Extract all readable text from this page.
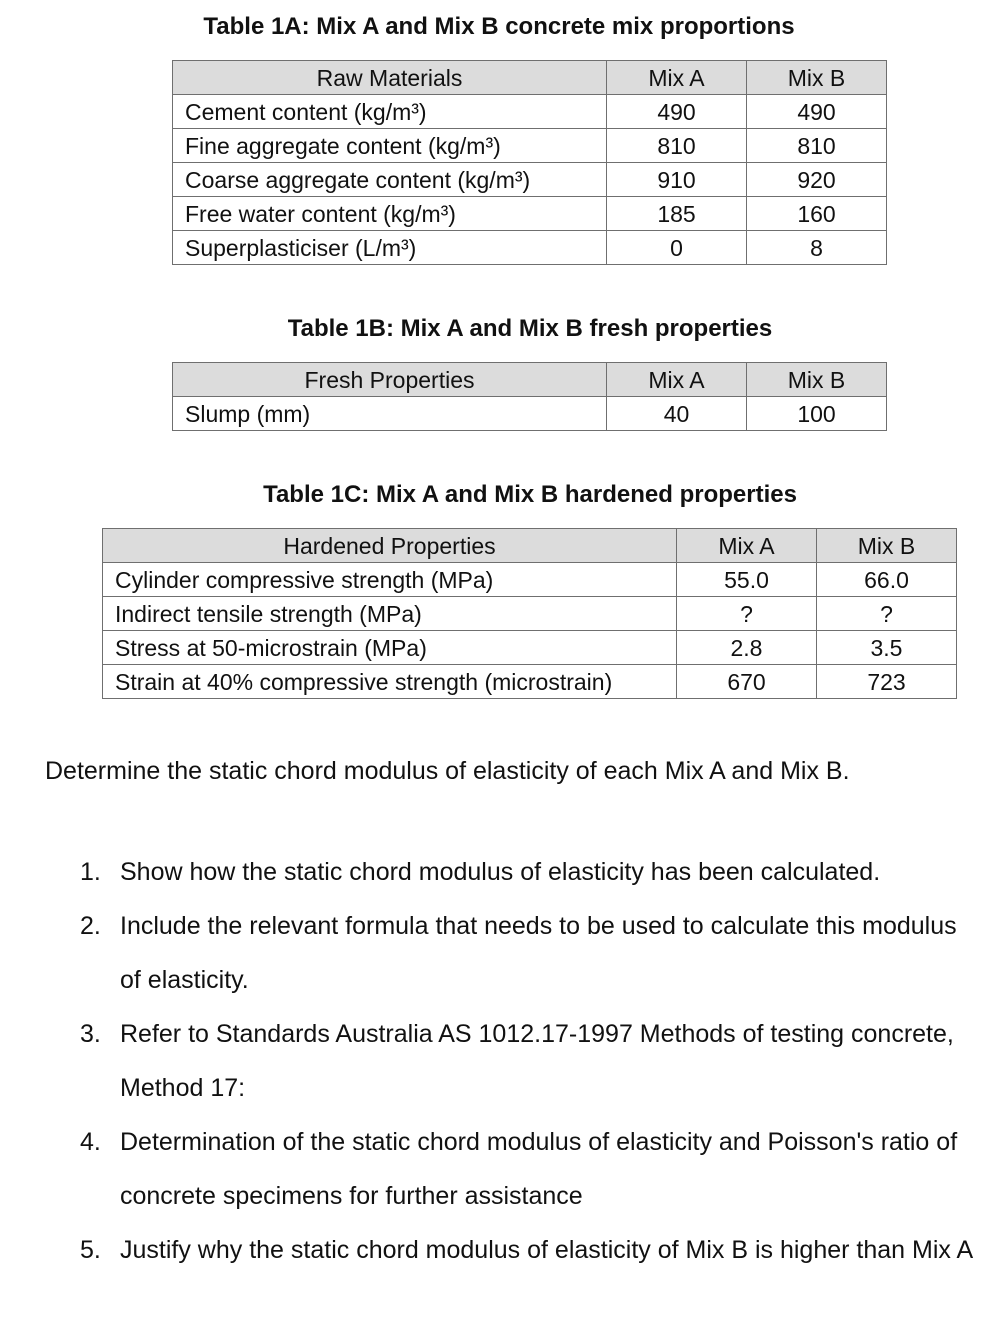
Table 1A: Mix A and Mix B concrete mix proportions
Raw Materials	Mix A	Mix B
Cement content (kg/m³)	490	490
Fine aggregate content (kg/m³)	810	810
Coarse aggregate content (kg/m³)	910	920
Free water content (kg/m³)	185	160
Superplasticiser (L/m³)	0	8
Table 1B: Mix A and Mix B fresh properties
Fresh Properties	Mix A	Mix B
Slump (mm)	40	100
Table 1C: Mix A and Mix B hardened properties
Hardened Properties	Mix A	Mix B
Cylinder compressive strength (MPa)	55.0	66.0
Indirect tensile strength (MPa)	?	?
Stress at 50-microstrain (MPa)	2.8	3.5
Strain at 40% compressive strength (microstrain)	670	723
Determine the static chord modulus of elasticity of each Mix A and Mix B.
1. Show how the static chord modulus of elasticity has been calculated.
2. Include the relevant formula that needs to be used to calculate this modulus of elasticity.
3. Refer to Standards Australia AS 1012.17-1997 Methods of testing concrete, Method 17:
4. Determination of the static chord modulus of elasticity and Poisson's ratio of concrete specimens for further assistance
5. Justify why the static chord modulus of elasticity of Mix B is higher than Mix A
